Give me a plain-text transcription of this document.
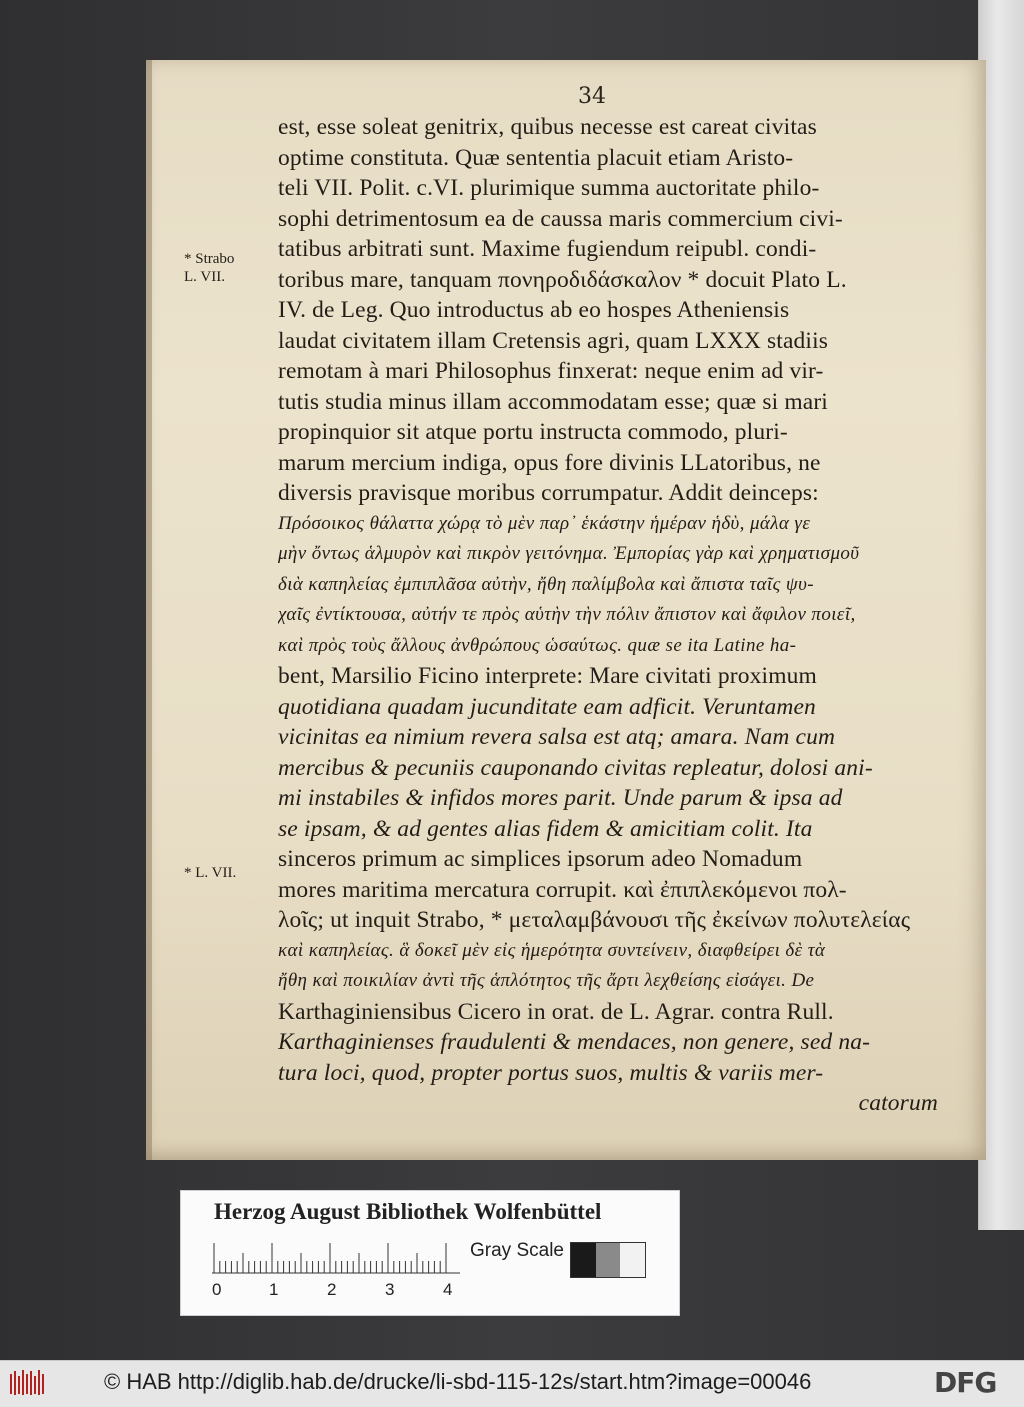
34
* Strabo
L. VII.
* L. VII.
est, esse soleat genitrix, quibus necesse est careat civitas
optime constituta. Quæ sententia placuit etiam Aristo-
teli VII. Polit. c.VI. plurimique summa auctoritate philo-
sophi detrimentosum ea de caussa maris commercium civi-
tatibus arbitrati sunt. Maxime fugiendum reipubl. condi-
toribus mare, tanquam πονηροδιδάσκαλον * docuit Plato L.
IV. de Leg. Quo introductus ab eo hospes Atheniensis
laudat civitatem illam Cretensis agri, quam LXXX stadiis
remotam à mari Philosophus finxerat: neque enim ad vir-
tutis studia minus illam accommodatam esse; quæ si mari
propinquior sit atque portu instructa commodo, pluri-
marum mercium indiga, opus fore divinis LLatoribus, ne
diversis pravisque moribus corrumpatur. Addit deinceps:
Πρόσοικος θάλαττα χώρᾳ τὸ μὲν παρ᾽ ἑκάστην ἡμέραν ἡδὺ, μάλα γε
μὴν ὄντως ἁλμυρὸν καὶ πικρὸν γειτόνημα. Ἐμπορίας γὰρ καὶ χρηματισμοῦ
διὰ καπηλείας ἐμπιπλᾶσα αὐτὴν, ἤθη παλίμβολα καὶ ἄπιστα ταῖς ψυ-
χαῖς ἐντίκτουσα, αὐτήν τε πρὸς αὑτὴν τὴν πόλιν ἄπιστον καὶ ἄφιλον ποιεῖ,
καὶ πρὸς τοὺς ἄλλους ἀνθρώπους ὡσαύτως. quæ se ita Latine ha-
bent, Marsilio Ficino interprete: Mare civitati proximum
quotidiana quadam jucunditate eam adficit. Veruntamen
vicinitas ea nimium revera salsa est atq; amara. Nam cum
mercibus & pecuniis cauponando civitas repleatur, dolosi ani-
mi instabiles & infidos mores parit. Unde parum & ipsa ad
se ipsam, & ad gentes alias fidem & amicitiam colit. Ita
sinceros primum ac simplices ipsorum adeo Nomadum
mores maritima mercatura corrupit. καὶ ἐπιπλεκόμενοι πολ-
λοῖς; ut inquit Strabo, * μεταλαμβάνουσι τῆς ἐκείνων πολυτελείας
καὶ καπηλείας. ἃ δοκεῖ μὲν εἰς ἡμερότητα συντείνειν, διαφθείρει δὲ τὰ
ἤθη καὶ ποικιλίαν ἀντὶ τῆς ἁπλότητος τῆς ἄρτι λεχθείσης εἰσάγει. De
Karthaginiensibus Cicero in orat. de L. Agrar. contra Rull.
Karthaginienses fraudulenti & mendaces, non genere, sed na-
tura loci, quod, propter portus suos, multis & variis mer-
catorum
Herzog August Bibliothek Wolfenbüttel
0	1	2	3	4
Gray Scale
© HAB http://diglib.hab.de/drucke/li-sbd-115-12s/start.htm?image=00046	DFG
